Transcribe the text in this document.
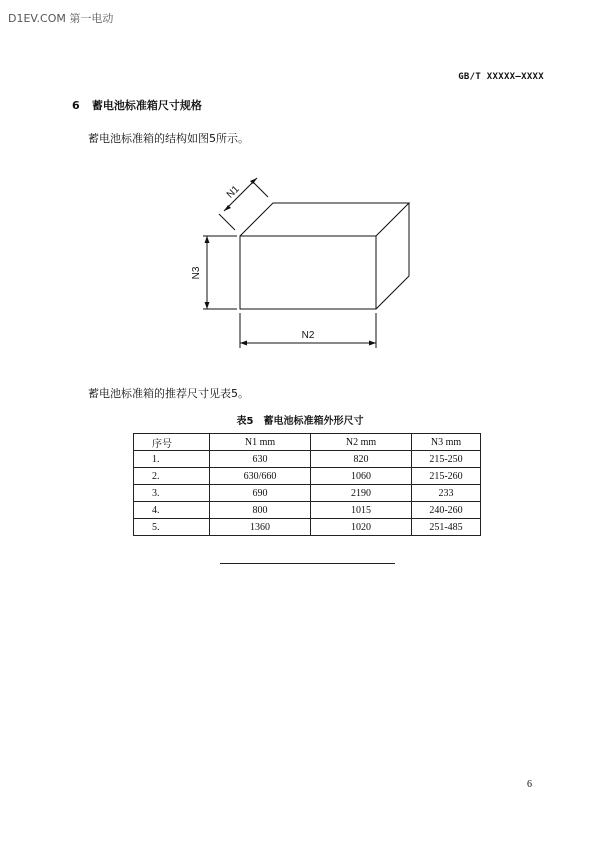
D1EV.COM 第一电动
GB/T XXXXX—XXXX
6 蓄电池标准箱尺寸规格
蓄电池标准箱的结构如图5所示。
N1
N3
N2
蓄电池标准箱的推荐尺寸见表5。
表5　蓄电池标准箱外形尺寸
序号	N1 mm	N2 mm	N3 mm
1.	630	820	215-250
2.	630/660	1060	215-260
3.	690	2190	233
4.	800	1015	240-260
5.	1360	1020	251-485
6
